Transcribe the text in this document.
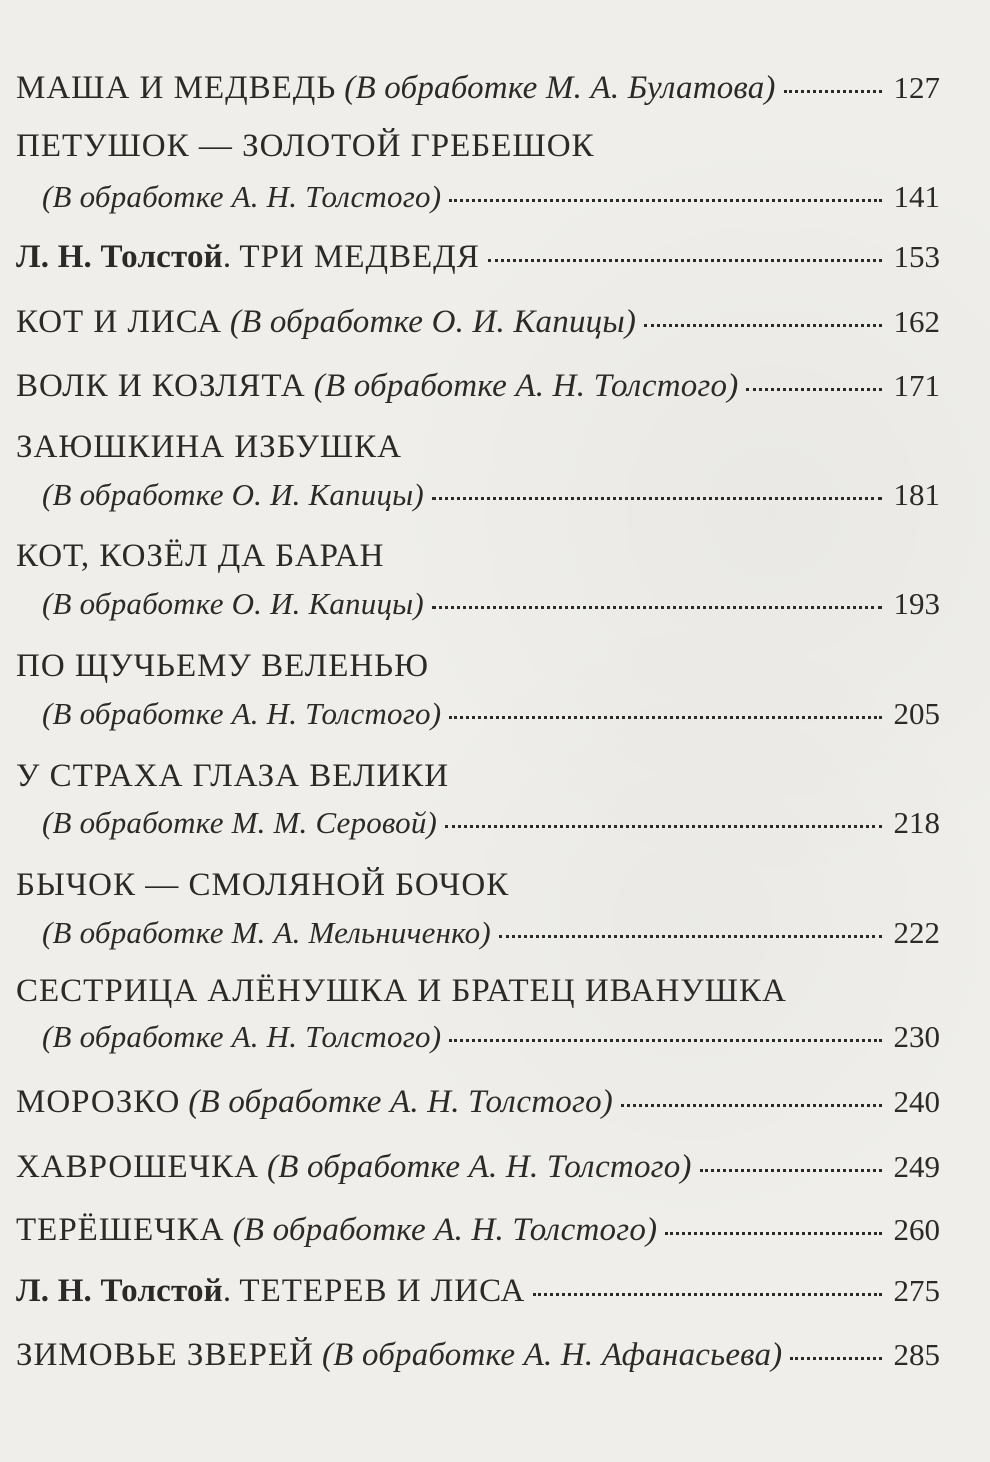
МАША И МЕДВЕДЬ (В обработке М. А. Булатова)	127
ПЕТУШОК — ЗОЛОТОЙ ГРЕБЕШОК
(В обработке А. Н. Толстого)	141
Л. Н. Толстой . ТРИ МЕДВЕДЯ	153
КОТ И ЛИСА (В обработке О. И. Капицы)	162
ВОЛК И КОЗЛЯТА (В обработке А. Н. Толстого)	171
ЗАЮШКИНА ИЗБУШКА
(В обработке О. И. Капицы)	181
КОТ, КОЗЁЛ ДА БАРАН
(В обработке О. И. Капицы)	193
ПО ЩУЧЬЕМУ ВЕЛЕНЬЮ
(В обработке А. Н. Толстого)	205
У СТРАХА ГЛАЗА ВЕЛИКИ
(В обработке М. М. Серовой)	218
БЫЧОК — СМОЛЯНОЙ БОЧОК
(В обработке М. А. Мельниченко)	222
СЕСТРИЦА АЛЁНУШКА И БРАТЕЦ ИВАНУШКА
(В обработке А. Н. Толстого)	230
МОРОЗКО (В обработке А. Н. Толстого)	240
ХАВРОШЕЧКА (В обработке А. Н. Толстого)	249
ТЕРЁШЕЧКА (В обработке А. Н. Толстого)	260
Л. Н. Толстой . ТЕТЕРЕВ И ЛИСА	275
ЗИМОВЬЕ ЗВЕРЕЙ (В обработке А. Н. Афанасьева)	285
